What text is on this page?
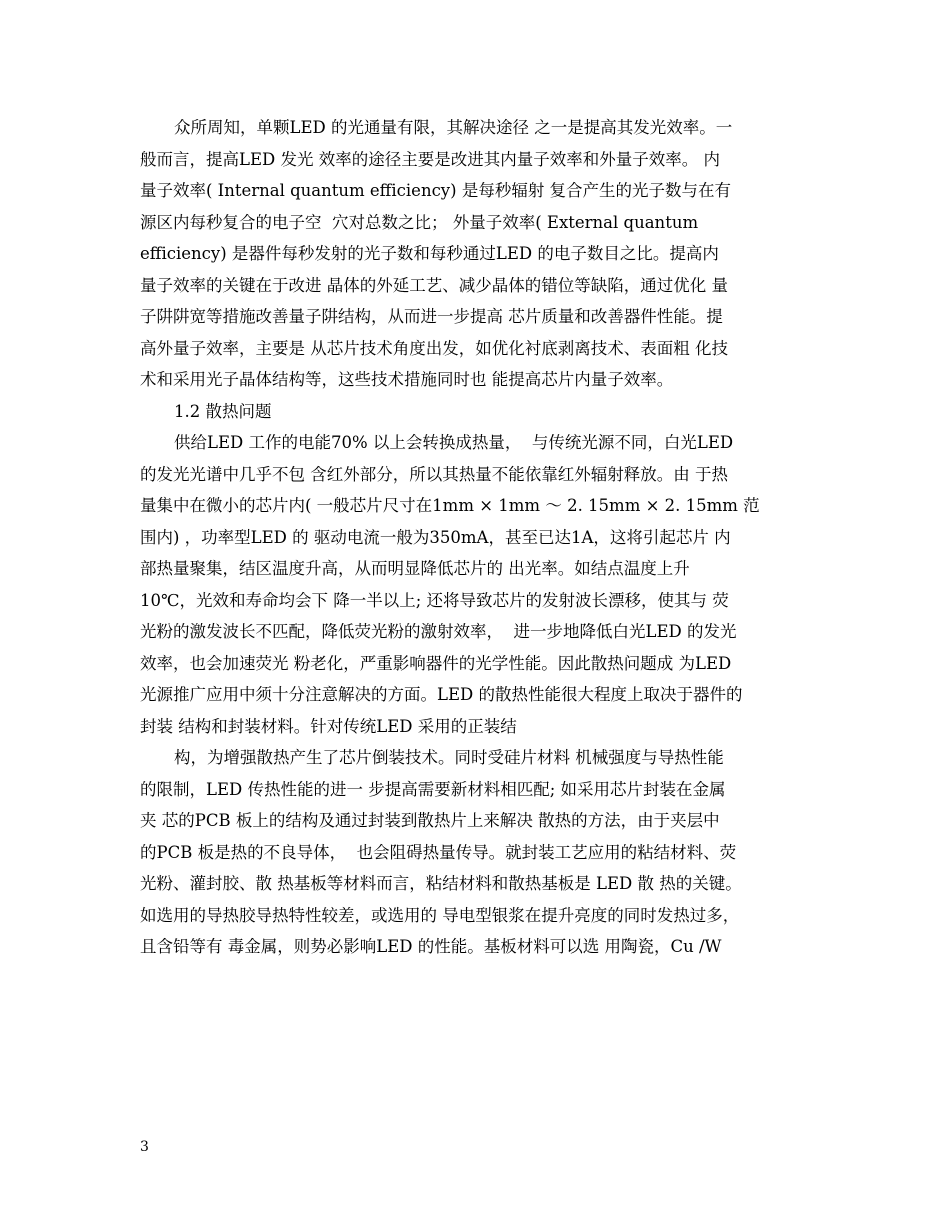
众所周知，单颗LED 的光通量有限，其解决途径 之一是提高其发光效率。一
般而言，提高LED 发光 效率的途径主要是改进其内量子效率和外量子效率。 内
量子效率( Internal quantum efficiency) 是每秒辐射 复合产生的光子数与在有
源区内每秒复合的电子空  穴对总数之比； 外量子效率( External quantum
efficiency) 是器件每秒发射的光子数和每秒通过LED 的电子数目之比。提高内
量子效率的关键在于改进 晶体的外延工艺、减少晶体的错位等缺陷，通过优化 量
子阱阱宽等措施改善量子阱结构，从而进一步提高 芯片质量和改善器件性能。提
高外量子效率，主要是 从芯片技术角度出发，如优化衬底剥离技术、表面粗 化技
术和采用光子晶体结构等，这些技术措施同时也 能提高芯片内量子效率。
1.2 散热问题
供给LED 工作的电能70% 以上会转换成热量，  与传统光源不同，白光LED
的发光光谱中几乎不包 含红外部分，所以其热量不能依靠红外辐射释放。由 于热
量集中在微小的芯片内( 一般芯片尺寸在1mm × 1mm ～ 2. 15mm × 2. 15mm 范
围内) ，功率型LED 的 驱动电流一般为350mA，甚至已达1A，这将引起芯片 内
部热量聚集，结区温度升高，从而明显降低芯片的 出光率。如结点温度上升
10℃，光效和寿命均会下 降一半以上; 还将导致芯片的发射波长漂移，使其与 荧
光粉的激发波长不匹配，降低荧光粉的激射效率，  进一步地降低白光LED 的发光
效率，也会加速荧光 粉老化，严重影响器件的光学性能。因此散热问题成 为LED
光源推广应用中须十分注意解决的方面。LED 的散热性能很大程度上取决于器件的
封装 结构和封装材料。针对传统LED 采用的正装结
构，为增强散热产生了芯片倒装技术。同时受硅片材料 机械强度与导热性能
的限制，LED 传热性能的进一 步提高需要新材料相匹配; 如采用芯片封装在金属
夹 芯的PCB 板上的结构及通过封装到散热片上来解决 散热的方法，由于夹层中
的PCB 板是热的不良导体，  也会阻碍热量传导。就封装工艺应用的粘结材料、荧
光粉、灌封胶、散 热基板等材料而言，粘结材料和散热基板是 LED 散 热的关键。
如选用的导热胶导热特性较差，或选用的 导电型银浆在提升亮度的同时发热过多，
且含铅等有 毒金属，则势必影响LED 的性能。基板材料可以选 用陶瓷，Cu /W
3
